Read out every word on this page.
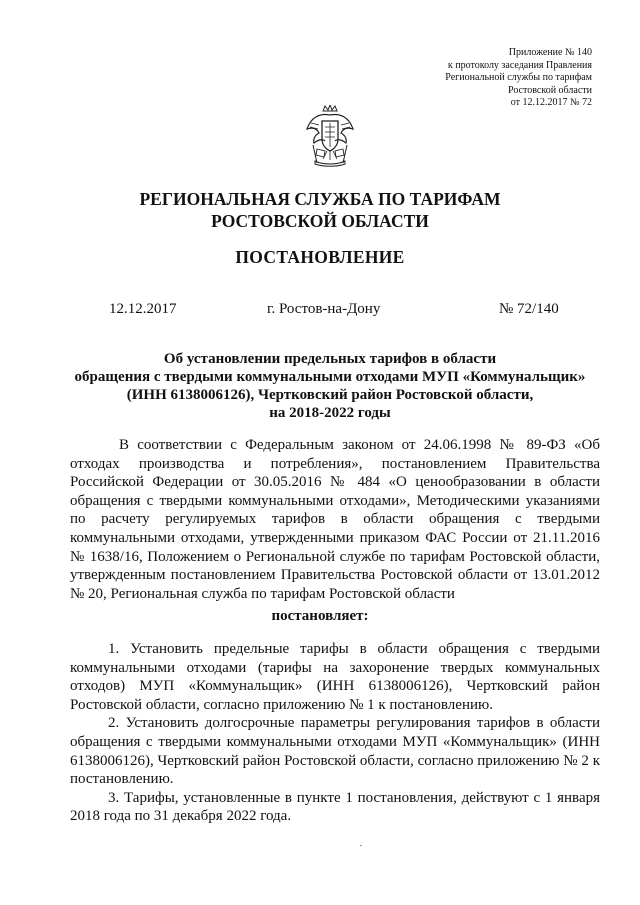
Приложение № 140
к протоколу заседания Правления
Региональной службы по тарифам
Ростовской области
от 12.12.2017 № 72
РЕГИОНАЛЬНАЯ СЛУЖБА ПО ТАРИФАМ
РОСТОВСКОЙ ОБЛАСТИ
ПОСТАНОВЛЕНИЕ
12.12.2017	г. Ростов-на-Дону	№ 72/140
Об установлении предельных тарифов в области
обращения с твердыми коммунальными отходами МУП «Коммунальщик»
(ИНН 6138006126), Чертковский район Ростовской области,
на 2018-2022 годы
В соответствии с Федеральным законом от 24.06.1998 № 89-ФЗ «Об отходах производства и потребления», постановлением Правительства Российской Федерации от 30.05.2016 № 484 «О ценообразовании в области обращения с твердыми коммунальными отходами», Методическими указаниями по расчету регулируемых тарифов в области обращения с твердыми коммунальными отходами, утвержденными приказом ФАС России от 21.11.2016 № 1638/16, Положением о Региональной службе по тарифам Ростовской области, утвержденным постановлением Правительства Ростовской области от 13.01.2012 № 20, Региональная служба по тарифам Ростовской области
постановляет:

1. Установить предельные тарифы в области обращения с твердыми коммунальными отходами (тарифы на захоронение твердых коммунальных отходов) МУП «Коммунальщик» (ИНН 6138006126), Чертковский район Ростовской области, согласно приложению № 1 к постановлению.

2. Установить долгосрочные параметры регулирования тарифов в области обращения с твердыми коммунальными отходами МУП «Коммунальщик» (ИНН 6138006126), Чертковский район Ростовской области, согласно приложению № 2 к постановлению.

3. Тарифы, установленные в пункте 1 постановления, действуют с 1 января 2018 года по 31 декабря 2022 года.
